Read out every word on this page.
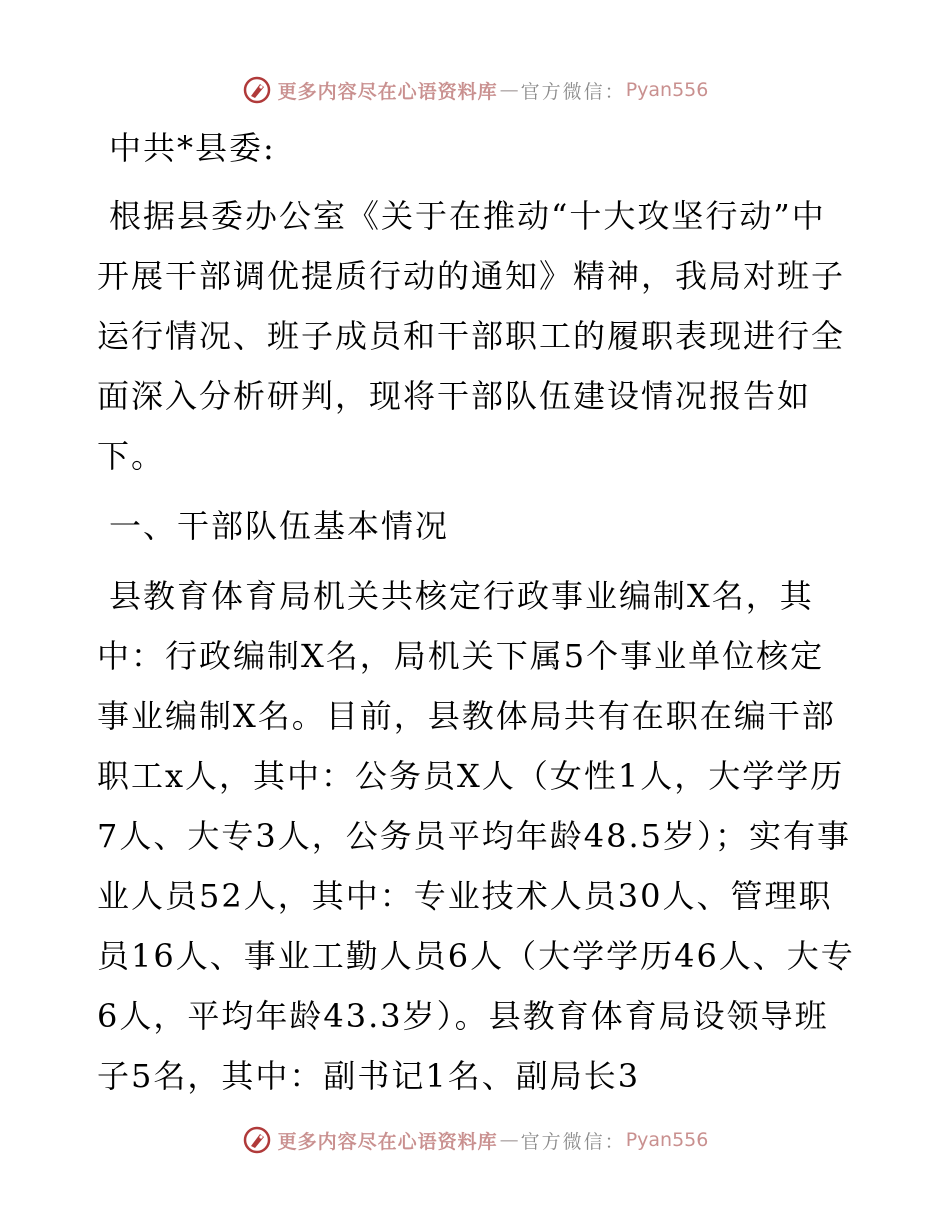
更多内容尽在心语资料库 — 官方微信： Pyan556

中共*县委:

根据县委办公室《关于在推动“十大攻坚行动”中开展干部调优提质行动的通知》精神，我局对班子运行情况、班子成员和干部职工的履职表现进行全面深入分析研判，现将干部队伍建设情况报告如下。

一、干部队伍基本情况

县教育体育局机关共核定行政事业编制X名，其中：行政编制X名，局机关下属5个事业单位核定事业编制X名。目前，县教体局共有在职在编干部职工x人，其中：公务员X人（女性1人，大学学历7人、大专3人，公务员平均年龄48.5岁）；实有事业人员52人，其中：专业技术人员30人、管理职员16人、事业工勤人员6人（大学学历46人、大专6人，平均年龄43.3岁）。县教育体育局设领导班子5名，其中：副书记1名、副局长3

更多内容尽在心语资料库 — 官方微信： Pyan556
